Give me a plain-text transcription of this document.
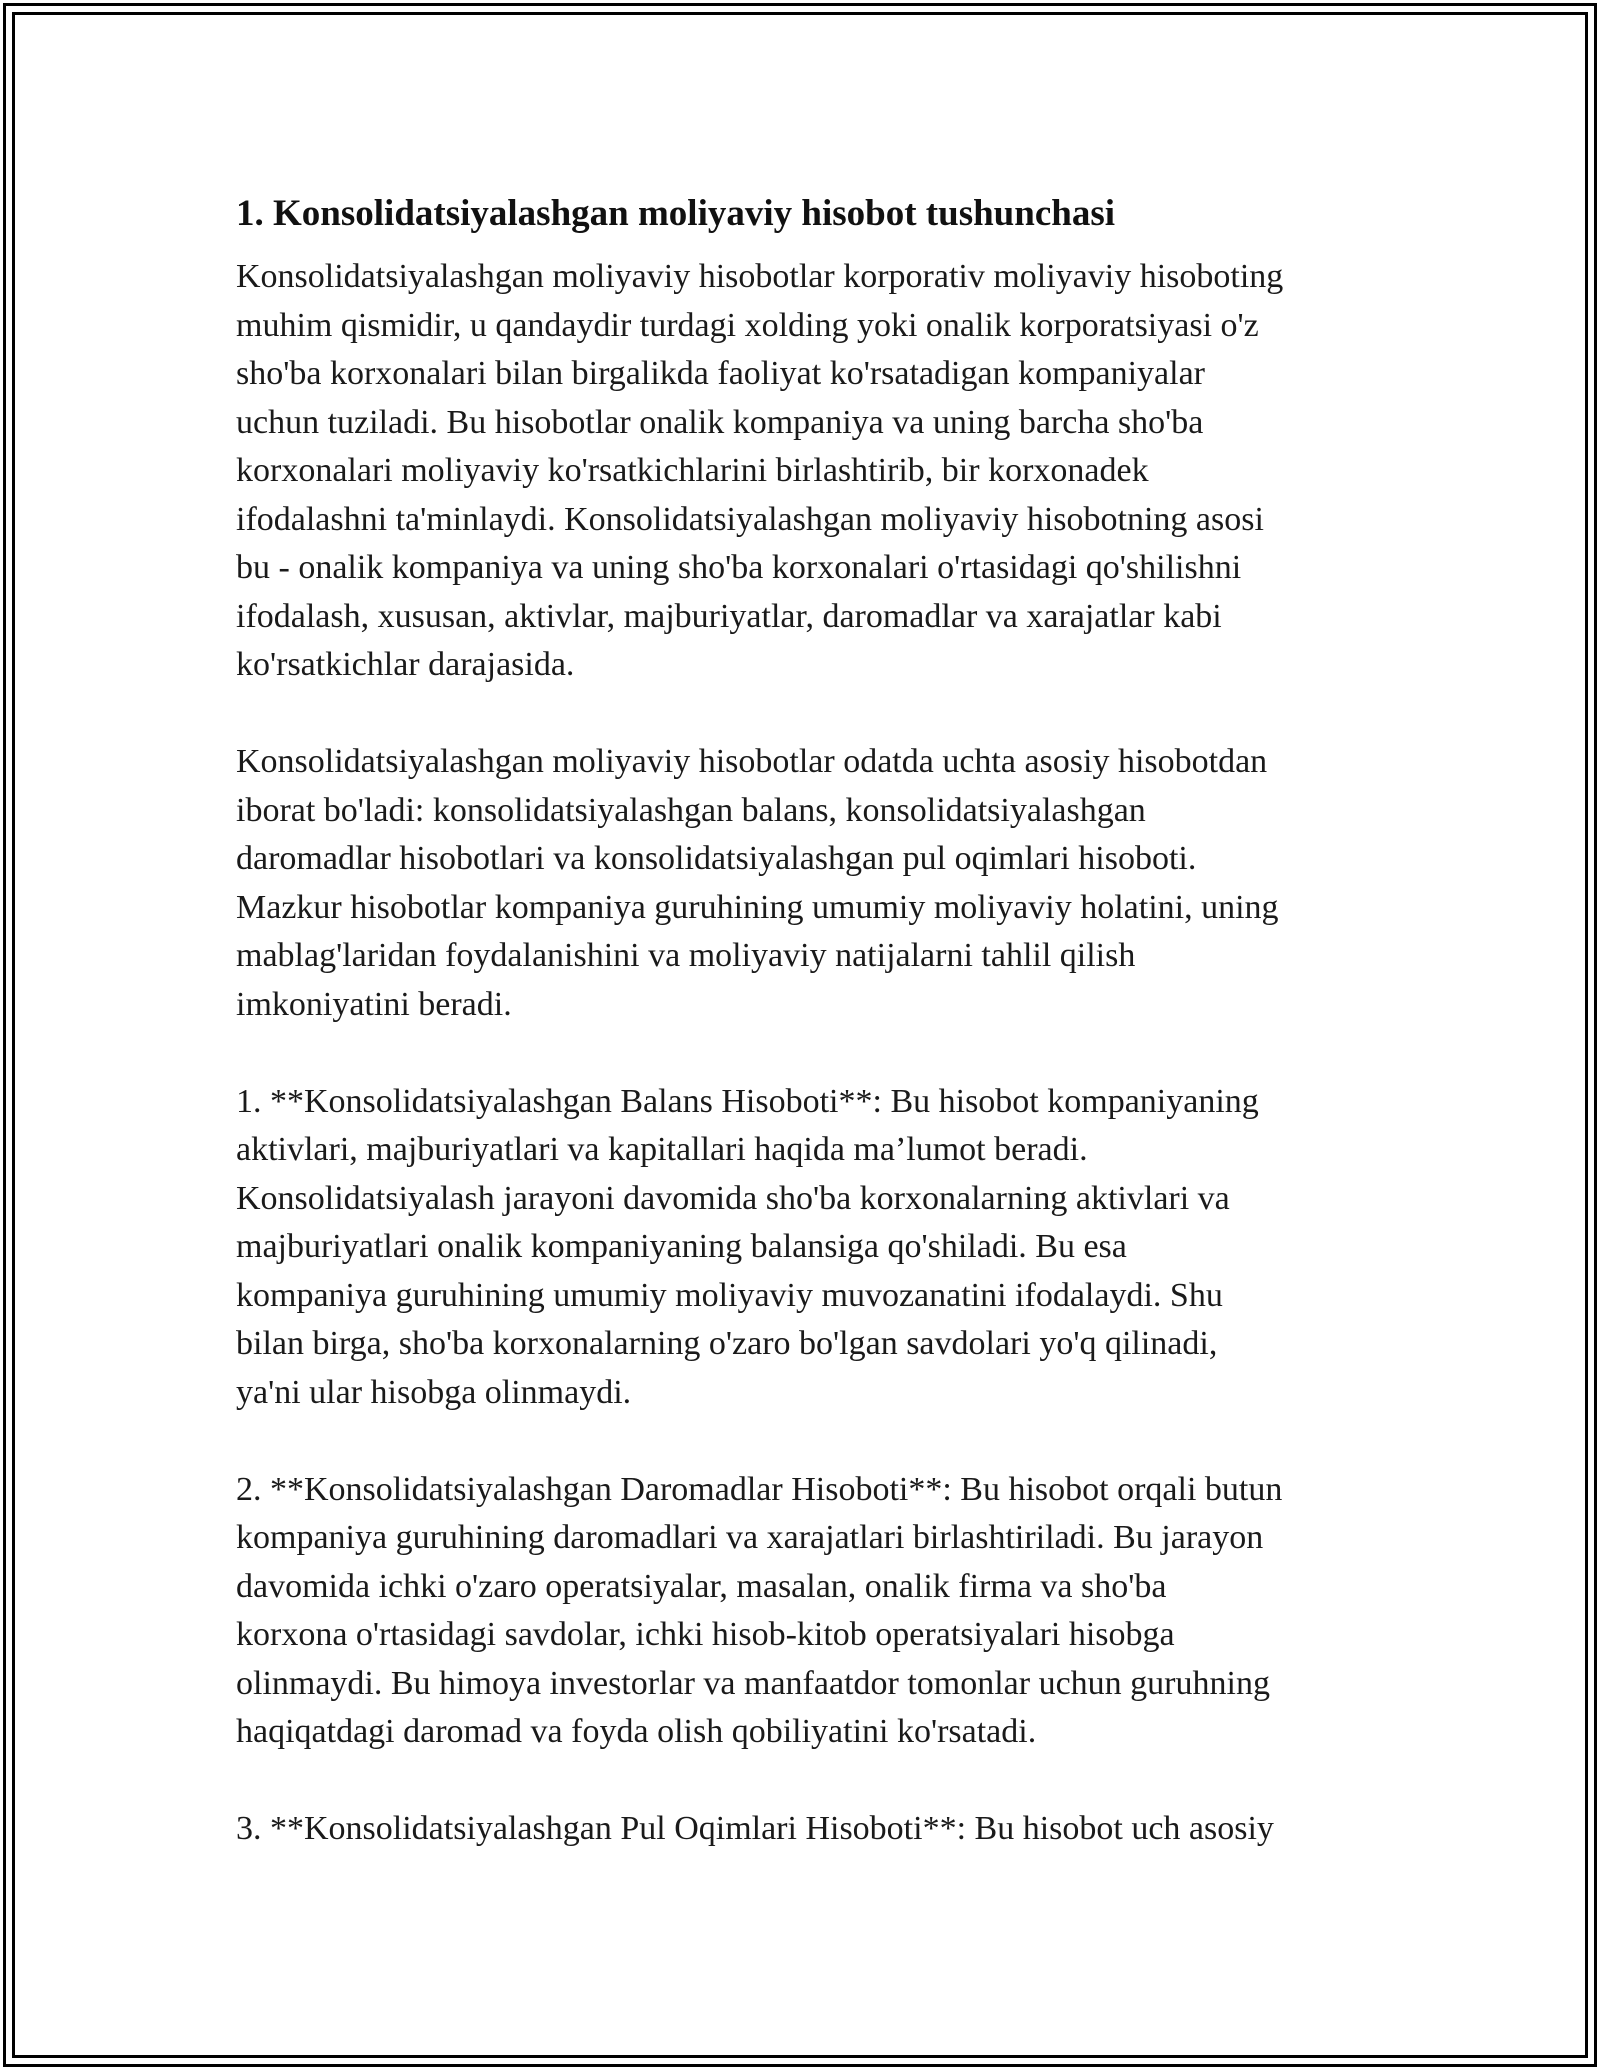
1. Konsolidatsiyalashgan moliyaviy hisobot tushunchasi

Konsolidatsiyalashgan moliyaviy hisobotlar korporativ moliyaviy hisoboting
muhim qismidir, u qandaydir turdagi xolding yoki onalik korporatsiyasi o'z
sho'ba korxonalari bilan birgalikda faoliyat ko'rsatadigan kompaniyalar
uchun tuziladi. Bu hisobotlar onalik kompaniya va uning barcha sho'ba
korxonalari moliyaviy ko'rsatkichlarini birlashtirib, bir korxonadek
ifodalashni ta'minlaydi. Konsolidatsiyalashgan moliyaviy hisobotning asosi
bu - onalik kompaniya va uning sho'ba korxonalari o'rtasidagi qo'shilishni
ifodalash, xususan, aktivlar, majburiyatlar, daromadlar va xarajatlar kabi
ko'rsatkichlar darajasida.

Konsolidatsiyalashgan moliyaviy hisobotlar odatda uchta asosiy hisobotdan
iborat bo'ladi: konsolidatsiyalashgan balans, konsolidatsiyalashgan
daromadlar hisobotlari va konsolidatsiyalashgan pul oqimlari hisoboti.
Mazkur hisobotlar kompaniya guruhining umumiy moliyaviy holatini, uning
mablag'laridan foydalanishini va moliyaviy natijalarni tahlil qilish
imkoniyatini beradi.

1. **Konsolidatsiyalashgan Balans Hisoboti**: Bu hisobot kompaniyaning
aktivlari, majburiyatlari va kapitallari haqida ma’lumot beradi.
Konsolidatsiyalash jarayoni davomida sho'ba korxonalarning aktivlari va
majburiyatlari onalik kompaniyaning balansiga qo'shiladi. Bu esa
kompaniya guruhining umumiy moliyaviy muvozanatini ifodalaydi. Shu
bilan birga, sho'ba korxonalarning o'zaro bo'lgan savdolari yo'q qilinadi,
ya'ni ular hisobga olinmaydi.

2. **Konsolidatsiyalashgan Daromadlar Hisoboti**: Bu hisobot orqali butun
kompaniya guruhining daromadlari va xarajatlari birlashtiriladi. Bu jarayon
davomida ichki o'zaro operatsiyalar, masalan, onalik firma va sho'ba
korxona o'rtasidagi savdolar, ichki hisob-kitob operatsiyalari hisobga
olinmaydi. Bu himoya investorlar va manfaatdor tomonlar uchun guruhning
haqiqatdagi daromad va foyda olish qobiliyatini ko'rsatadi.

3. **Konsolidatsiyalashgan Pul Oqimlari Hisoboti**: Bu hisobot uch asosiy
